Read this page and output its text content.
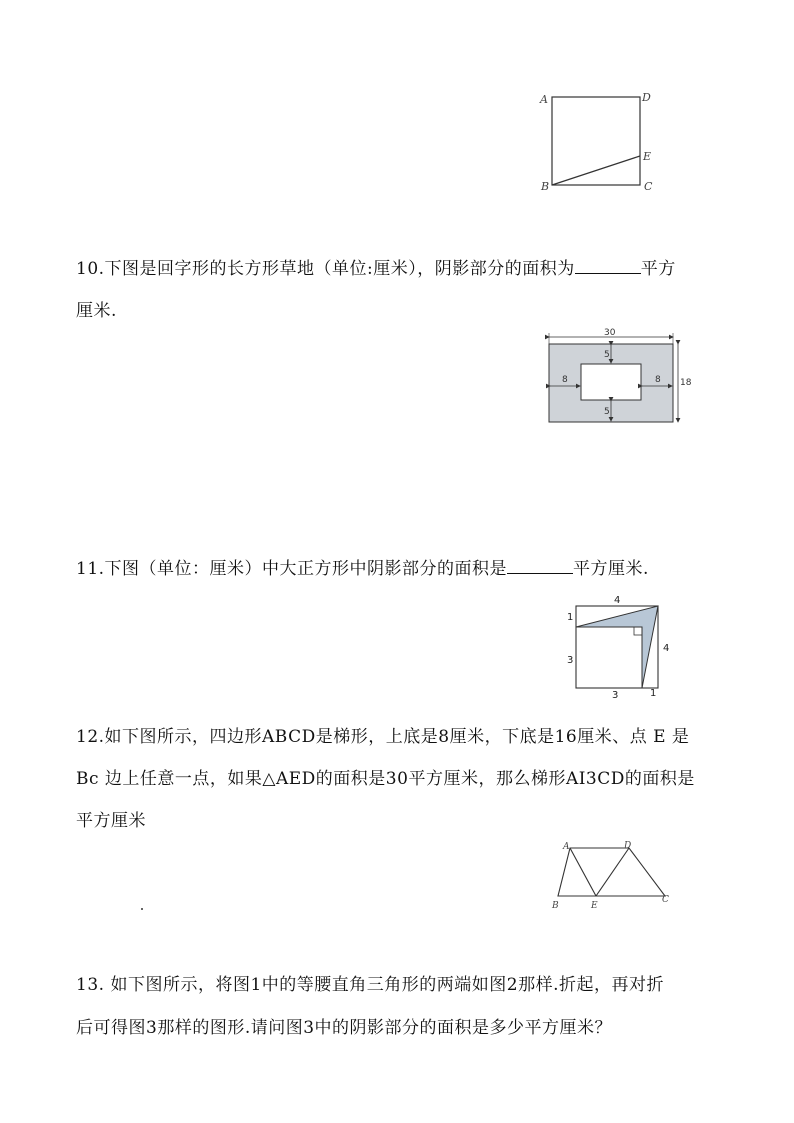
A	D
E
B	C
10.下图是回字形的长方形草地（单位:厘米），阴影部分的面积为	平方
厘米.
30
18
5
5
8	8
11.下图（单位：厘米）中大正方形中阴影部分的面积是	平方厘米.
4
1
3
4
3	1
12.如下图所示，四边形ABCD是梯形，上底是8厘米，下底是16厘米、点 E 是
Bc 边上任意一点，如果△AED的面积是30平方厘米，那么梯形AI3CD的面积是
平方厘米
A	D
B	E
C
13. 如下图所示，将图1中的等腰直角三角形的两端如图2那样.折起，再对折
后可得图3那样的图形.请问图3中的阴影部分的面积是多少平方厘米？
